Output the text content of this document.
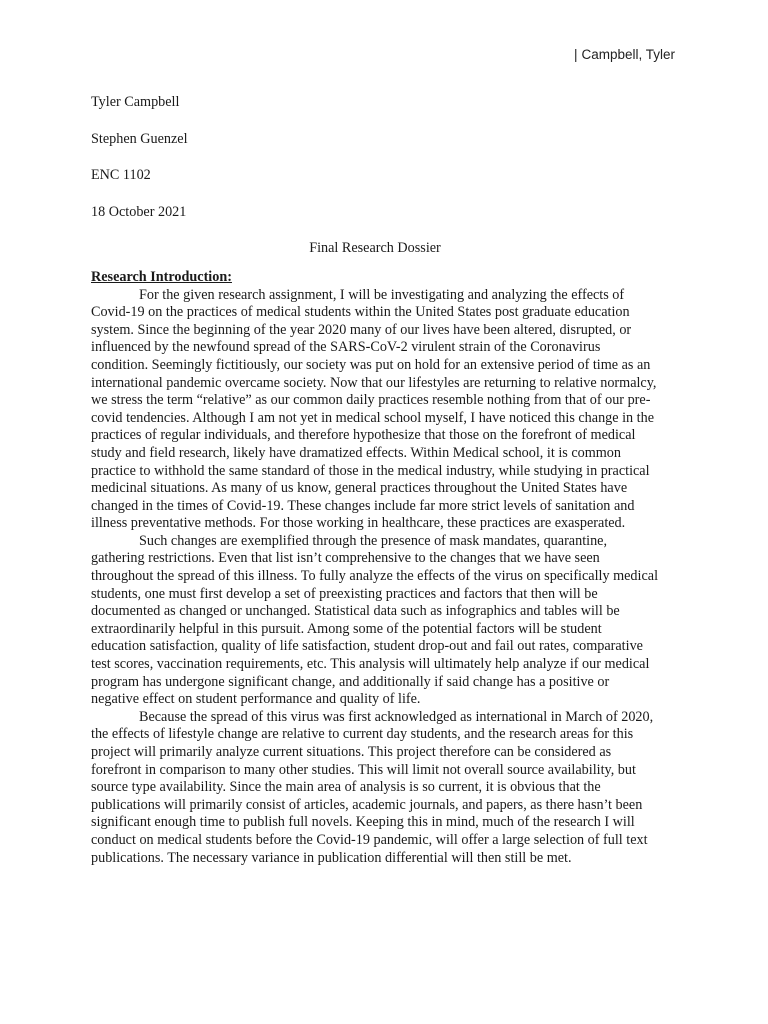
| Campbell, Tyler

Tyler Campbell

Stephen Guenzel

ENC 1102

18 October 2021

Final Research Dossier

Research Introduction:

For the given research assignment, I will be investigating and analyzing the effects of Covid-19 on the practices of medical students within the United States post graduate education system. Since the beginning of the year 2020 many of our lives have been altered, disrupted, or influenced by the newfound spread of the SARS-CoV-2 virulent strain of the Coronavirus condition. Seemingly fictitiously, our society was put on hold for an extensive period of time as an international pandemic overcame society. Now that our lifestyles are returning to relative normalcy, we stress the term “relative” as our common daily practices resemble nothing from that of our pre- covid tendencies. Although I am not yet in medical school myself, I have noticed this change in the practices of regular individuals, and therefore hypothesize that those on the forefront of medical study and field research, likely have dramatized effects. Within Medical school, it is common practice to withhold the same standard of those in the medical industry, while studying in practical medicinal situations. As many of us know, general practices throughout the United States have changed in the times of Covid-19. These changes include far more strict levels of sanitation and illness preventative methods. For those working in healthcare, these practices are exasperated.

Such changes are exemplified through the presence of mask mandates, quarantine, gathering restrictions. Even that list isn’t comprehensive to the changes that we have seen throughout the spread of this illness. To fully analyze the effects of the virus on specifically medical students, one must first develop a set of preexisting practices and factors that then will be documented as changed or unchanged. Statistical data such as infographics and tables will be extraordinarily helpful in this pursuit. Among some of the potential factors will be student education satisfaction, quality of life satisfaction, student drop-out and fail out rates, comparative test scores, vaccination requirements, etc. This analysis will ultimately help analyze if our medical program has undergone significant change, and additionally if said change has a positive or negative effect on student performance and quality of life.

Because the spread of this virus was first acknowledged as international in March of 2020, the effects of lifestyle change are relative to current day students, and the research areas for this project will primarily analyze current situations. This project therefore can be considered as forefront in comparison to many other studies. This will limit not overall source availability, but source type availability. Since the main area of analysis is so current, it is obvious that the publications will primarily consist of articles, academic journals, and papers, as there hasn’t been significant enough time to publish full novels. Keeping this in mind, much of the research I will conduct on medical students before the Covid-19 pandemic, will offer a large selection of full text publications. The necessary variance in publication differential will then still be met.
